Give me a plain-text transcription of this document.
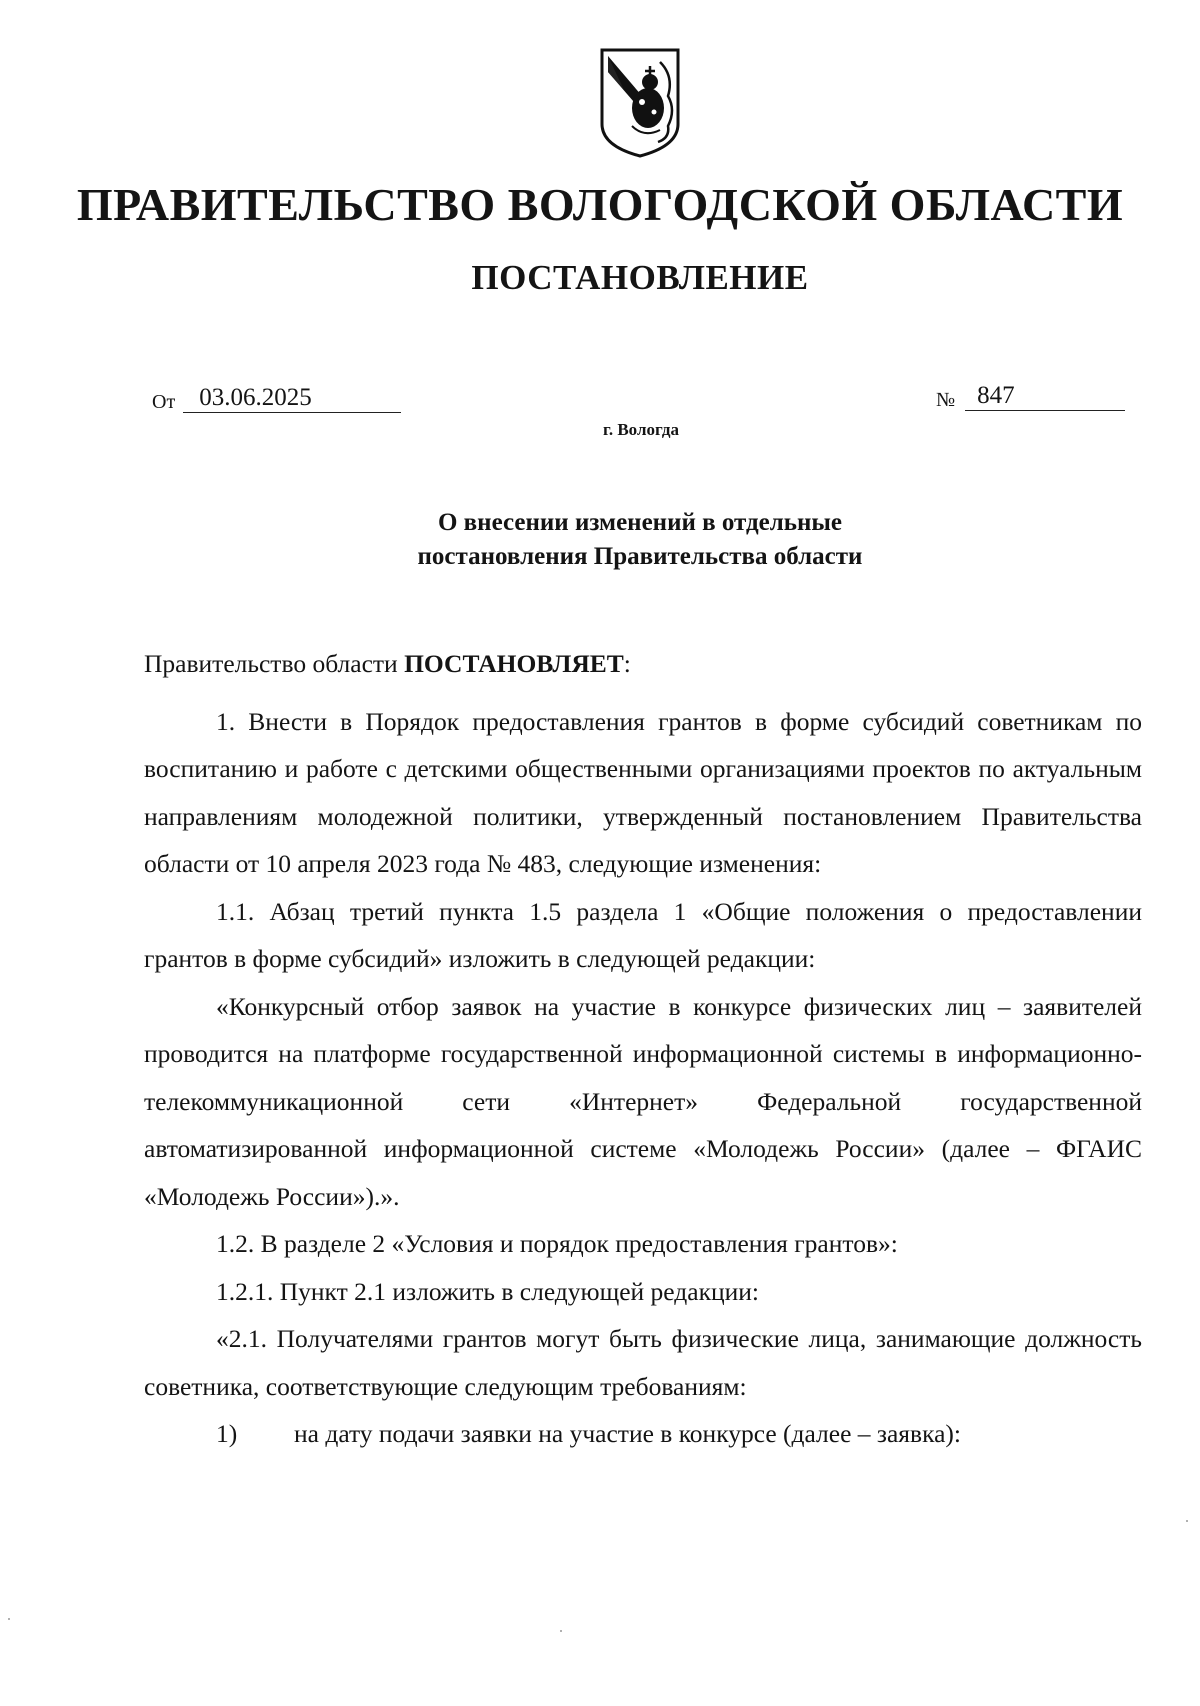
ПРАВИТЕЛЬСТВО ВОЛОГОДСКОЙ ОБЛАСТИ
ПОСТАНОВЛЕНИЕ
От 03.06.2025	№ 847
г. Вологда
О внесении изменений в отдельные
постановления Правительства области

Правительство области ПОСТАНОВЛЯЕТ:

1. Внести в Порядок предоставления грантов в форме субсидий советникам по воспитанию и работе с детскими общественными организациями проектов по актуальным направлениям молодежной политики, утвержденный постановлением Правительства области от 10 апреля 2023 года № 483, следующие изменения:

1.1. Абзац третий пункта 1.5 раздела 1 «Общие положения о предоставлении грантов в форме субсидий» изложить в следующей редакции:

«Конкурсный отбор заявок на участие в конкурсе физических лиц – заявителей проводится на платформе государственной информационной системы в информационно-телекоммуникационной сети «Интернет» Федеральной государственной автоматизированной информационной системе «Молодежь России» (далее – ФГАИС «Молодежь России»).».

1.2. В разделе 2 «Условия и порядок предоставления грантов»:

1.2.1. Пункт 2.1 изложить в следующей редакции:

«2.1. Получателями грантов могут быть физические лица, занимающие должность советника, соответствующие следующим требованиям:

1)	на дату подачи заявки на участие в конкурсе (далее – заявка):
